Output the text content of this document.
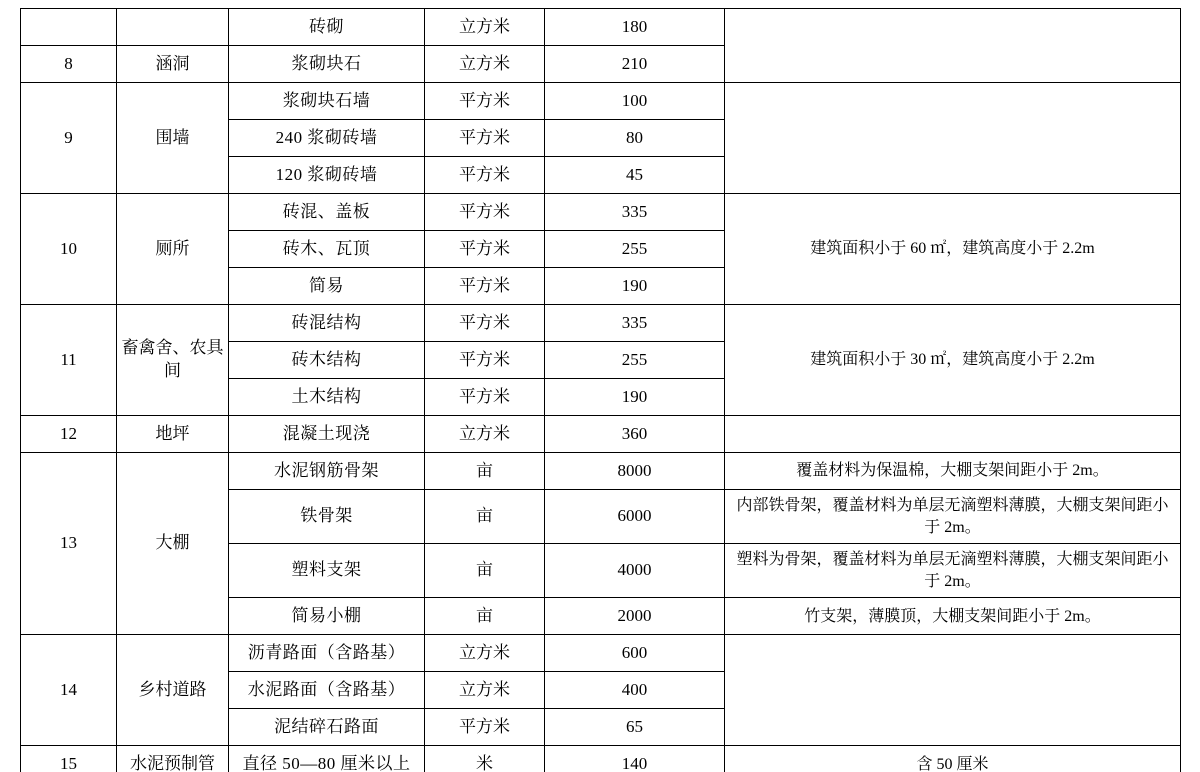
		砖砌	立方米	180	
8	涵洞	浆砌块石	立方米	210	
9	围墙	浆砌块石墙	平方米	100	
		240 浆砌砖墙	平方米	80	
		120 浆砌砖墙	平方米	45	
10	厕所	砖混、盖板	平方米	335	建筑面积小于 60 ㎡，建筑高度小于 2.2m
		砖木、瓦顶	平方米	255	
		简易	平方米	190	
11	畜禽舍、农具间	砖混结构	平方米	335	建筑面积小于 30 ㎡，建筑高度小于 2.2m
		砖木结构	平方米	255	
		土木结构	平方米	190	
12	地坪	混凝土现浇	立方米	360	
13	大棚	水泥钢筋骨架	亩	8000	覆盖材料为保温棉，大棚支架间距小于 2m。
		铁骨架	亩	6000	内部铁骨架，覆盖材料为单层无滴塑料薄膜，大棚支架间距小于 2m。
		塑料支架	亩	4000	塑料为骨架，覆盖材料为单层无滴塑料薄膜，大棚支架间距小于 2m。
		简易小棚	亩	2000	竹支架，薄膜顶，大棚支架间距小于 2m。
14	乡村道路	沥青路面（含路基）	立方米	600	
		水泥路面（含路基）	立方米	400	
		泥结碎石路面	平方米	65	
15	水泥预制管	直径 50—80 厘米以上	米	140	含 50 厘米
